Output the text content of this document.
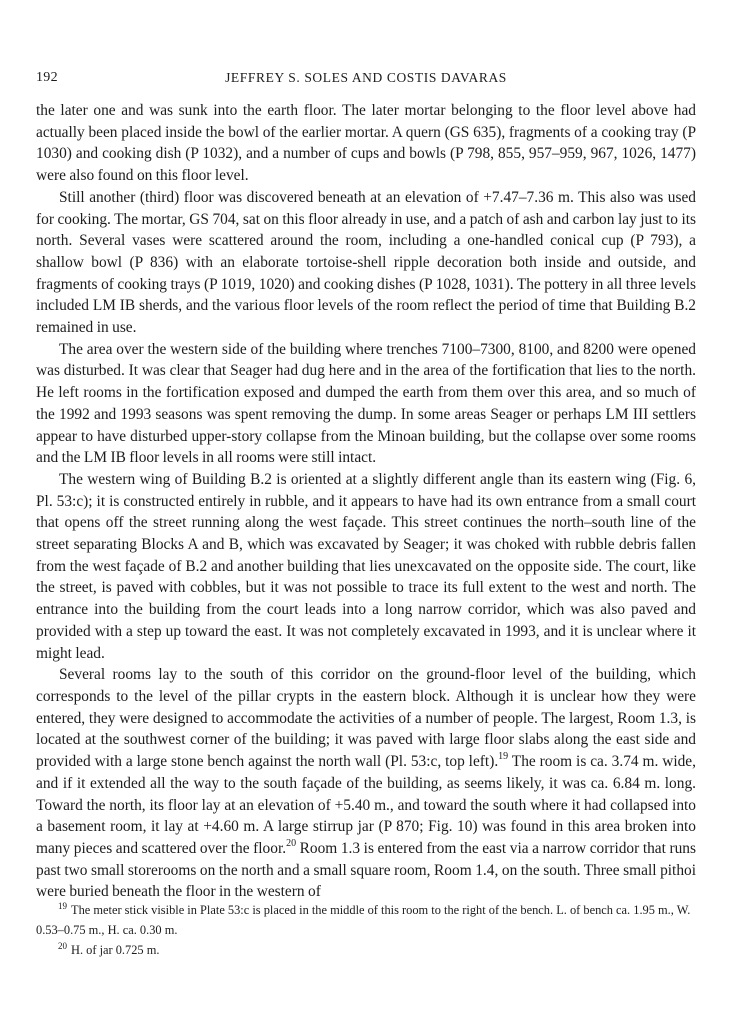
192	JEFFREY S. SOLES AND COSTIS DAVARAS

the later one and was sunk into the earth floor. The later mortar belonging to the floor level above had actually been placed inside the bowl of the earlier mortar. A quern (GS 635), fragments of a cooking tray (P 1030) and cooking dish (P 1032), and a number of cups and bowls (P 798, 855, 957–959, 967, 1026, 1477) were also found on this floor level.

Still another (third) floor was discovered beneath at an elevation of +7.47–7.36 m. This also was used for cooking. The mortar, GS 704, sat on this floor already in use, and a patch of ash and carbon lay just to its north. Several vases were scattered around the room, including a one-handled conical cup (P 793), a shallow bowl (P 836) with an elaborate tortoise-shell ripple decoration both inside and outside, and fragments of cooking trays (P 1019, 1020) and cooking dishes (P 1028, 1031). The pottery in all three levels included LM IB sherds, and the various floor levels of the room reflect the period of time that Building B.2 remained in use.

The area over the western side of the building where trenches 7100–7300, 8100, and 8200 were opened was disturbed. It was clear that Seager had dug here and in the area of the fortification that lies to the north. He left rooms in the fortification exposed and dumped the earth from them over this area, and so much of the 1992 and 1993 seasons was spent removing the dump. In some areas Seager or perhaps LM III settlers appear to have disturbed upper-story collapse from the Minoan building, but the collapse over some rooms and the LM IB floor levels in all rooms were still intact.

The western wing of Building B.2 is oriented at a slightly different angle than its eastern wing (Fig. 6, Pl. 53:c); it is constructed entirely in rubble, and it appears to have had its own entrance from a small court that opens off the street running along the west façade. This street continues the north–south line of the street separating Blocks A and B, which was excavated by Seager; it was choked with rubble debris fallen from the west façade of B.2 and another building that lies unexcavated on the opposite side. The court, like the street, is paved with cobbles, but it was not possible to trace its full extent to the west and north. The entrance into the building from the court leads into a long narrow corridor, which was also paved and provided with a step up toward the east. It was not completely excavated in 1993, and it is unclear where it might lead.

Several rooms lay to the south of this corridor on the ground-floor level of the building, which corresponds to the level of the pillar crypts in the eastern block. Although it is unclear how they were entered, they were designed to accommodate the activities of a number of people. The largest, Room 1.3, is located at the southwest corner of the building; it was paved with large floor slabs along the east side and provided with a large stone bench against the north wall (Pl. 53:c, top left).$^{19}$ The room is ca. 3.74 m. wide, and if it extended all the way to the south façade of the building, as seems likely, it was ca. 6.84 m. long. Toward the north, its floor lay at an elevation of +5.40 m., and toward the south where it had collapsed into a basement room, it lay at +4.60 m. A large stirrup jar (P 870; Fig. 10) was found in this area broken into many pieces and scattered over the floor.$^{20}$ Room 1.3 is entered from the east via a narrow corridor that runs past two small storerooms on the north and a small square room, Room 1.4, on the south. Three small pithoi were buried beneath the floor in the western of

$^{19}$ The meter stick visible in Plate 53:c is placed in the middle of this room to the right of the bench. L. of bench ca. 1.95 m., W. 0.53–0.75 m., H. ca. 0.30 m.

$^{20}$ H. of jar 0.725 m.
